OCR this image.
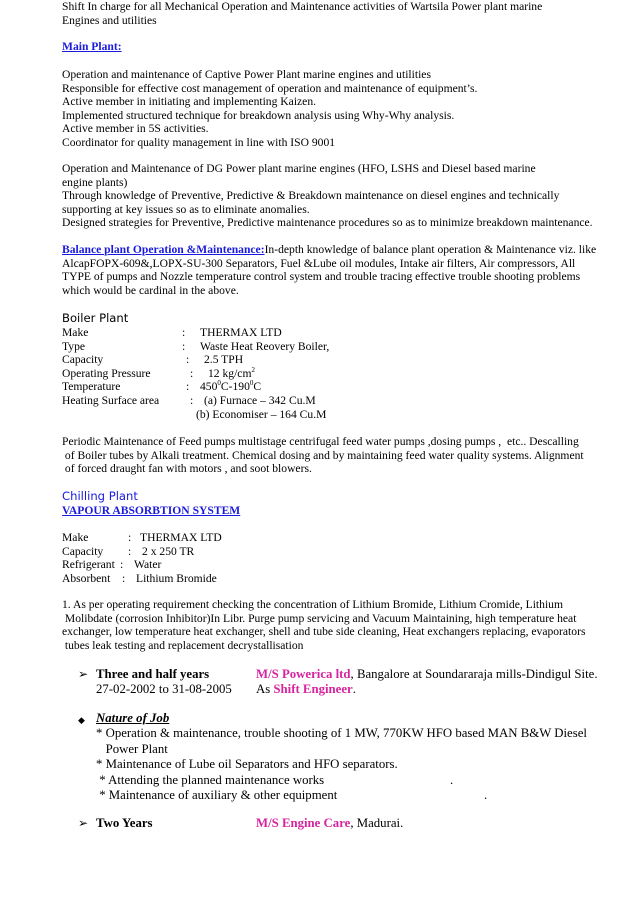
Shift In charge for all Mechanical Operation and Maintenance activities of Wartsila Power plant marine
Engines and utilities
Main Plant:
Operation and maintenance of Captive Power Plant marine engines and utilities
Responsible for effective cost management of operation and maintenance of equipment’s.
Active member in initiating and implementing Kaizen.
Implemented structured technique for breakdown analysis using Why-Why analysis.
Active member in 5S activities.
Coordinator for quality management in line with ISO 9001
Operation and Maintenance of DG Power plant marine engines (HFO, LSHS and Diesel based marine
engine plants)
Through knowledge of Preventive, Predictive & Breakdown maintenance on diesel engines and technically
supporting at key issues so as to eliminate anomalies.
Designed strategies for Preventive, Predictive maintenance procedures so as to minimize breakdown maintenance.
Balance plant Operation &Maintenance:In-depth knowledge of balance plant operation & Maintenance viz. like
AlcapFOPX-609&,LOPX-SU-300 Separators, Fuel &Lube oil modules, Intake air filters, Air compressors, All
TYPE of pumps and Nozzle temperature control system and trouble tracing effective trouble shooting problems
which would be cardinal in the above.
Boiler Plant
Make	:	THERMAX LTD
Type	:	Waste Heat Reovery Boiler,
Capacity	:	2.5 TPH
Operating Pressure	:	12 $kg/cm^2$
Temperature	: $450^0C-190^0C$
Heating Surface area	: (a) Furnace – 342 Cu.M
(b) Economiser – 164 Cu.M
Periodic Maintenance of Feed pumps multistage centrifugal feed water pumps ,dosing pumps ,  etc.. Descalling
of Boiler tubes by Alkali treatment. Chemical dosing and by maintaining feed water quality systems. Alignment
of forced draught fan with motors , and soot blowers.
Chilling Plant
VAPOUR ABSORBTION SYSTEM
Make	: THERMAX LTD
Capacity	: 2 x 250 TR
Refrigerant : Water
Absorbent	: Lithium Bromide
1. As per operating requirement checking the concentration of Lithium Bromide, Lithium Cromide, Lithium
Molibdate (corrosion Inhibitor)In Libr. Purge pump servicing and Vacuum Maintaining, high temperature heat
exchanger, low temperature heat exchanger, shell and tube side cleaning, Heat exchangers replacing, evaporators
tubes leak testing and replacement decrystallisation
➢ Three and half years	M/S Powerica ltd , Bangalore at Soundararaja mills-Dindigul Site.
27-02-2002 to 31-08-2005	As Shift Engineer .
◆ Nature of Job
* Operation & maintenance, trouble shooting of 1 MW, 770KW HFO based MAN B&W Diesel
Power Plant
* Maintenance of Lube oil Separators and HFO separators.
* Attending the planned maintenance works	.
* Maintenance of auxiliary & other equipment	.
➢ Two Years	M/S Engine Care , Madurai.
